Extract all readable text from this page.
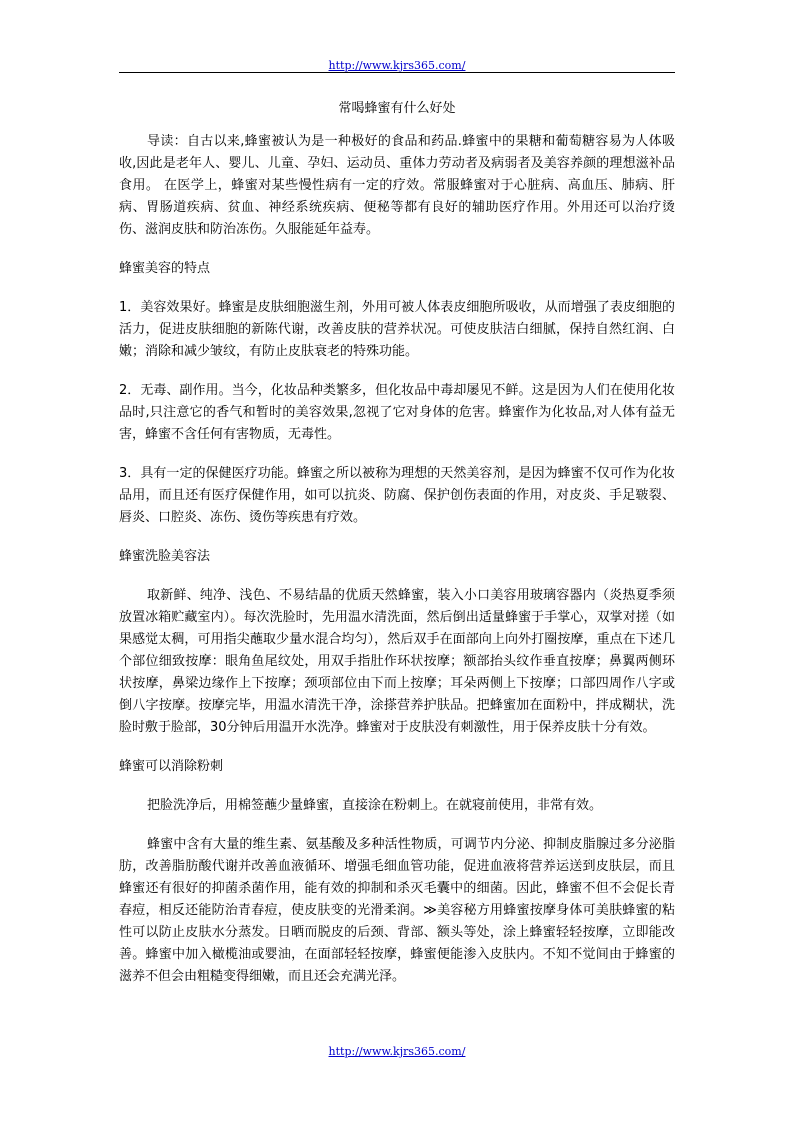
http://www.kjrs365.com/
常喝蜂蜜有什么好处

导读：自古以来,蜂蜜被认为是一种极好的食品和药品.蜂蜜中的果糖和葡萄糖容易为人体吸收,因此是老年人、婴儿、儿童、孕妇、运动员、重体力劳动者及病弱者及美容养颜的理想滋补品食用。 在医学上，蜂蜜对某些慢性病有一定的疗效。常服蜂蜜对于心脏病、高血压、肺病、肝病、胃肠道疾病、贫血、神经系统疾病、便秘等都有良好的辅助医疗作用。外用还可以治疗烫伤、滋润皮肤和防治冻伤。久服能延年益寿。

蜂蜜美容的特点

1．美容效果好。蜂蜜是皮肤细胞滋生剂，外用可被人体表皮细胞所吸收，从而增强了表皮细胞的活力，促进皮肤细胞的新陈代谢，改善皮肤的营养状况。可使皮肤洁白细腻，保持自然红润、白嫩；消除和减少皱纹，有防止皮肤衰老的特殊功能。

2．无毒、副作用。当今，化妆品种类繁多，但化妆品中毒却屡见不鲜。这是因为人们在使用化妆品时,只注意它的香气和暂时的美容效果,忽视了它对身体的危害。蜂蜜作为化妆品,对人体有益无害，蜂蜜不含任何有害物质，无毒性。

3．具有一定的保健医疗功能。蜂蜜之所以被称为理想的天然美容剂，是因为蜂蜜不仅可作为化妆品用，而且还有医疗保健作用，如可以抗炎、防腐、保护创伤表面的作用，对皮炎、手足皲裂、唇炎、口腔炎、冻伤、烫伤等疾患有疗效。

蜂蜜洗脸美容法

取新鲜、纯净、浅色、不易结晶的优质天然蜂蜜，装入小口美容用玻璃容器内（炎热夏季须放置冰箱贮藏室内）。每次洗脸时，先用温水清洗面，然后倒出适量蜂蜜于手掌心，双掌对搓（如果感觉太稠，可用指尖蘸取少量水混合均匀），然后双手在面部向上向外打圈按摩，重点在下述几个部位细致按摩：眼角鱼尾纹处，用双手指肚作环状按摩；额部抬头纹作垂直按摩；鼻翼两侧环状按摩，鼻梁边缘作上下按摩；颈项部位由下而上按摩；耳朵两侧上下按摩；口部四周作八字或倒八字按摩。按摩完毕，用温水清洗干净，涂搽营养护肤品。把蜂蜜加在面粉中，拌成糊状，洗脸时敷于脸部，30分钟后用温开水洗净。蜂蜜对于皮肤没有刺激性，用于保养皮肤十分有效。

蜂蜜可以消除粉刺

把脸洗净后，用棉签蘸少量蜂蜜，直接涂在粉刺上。在就寝前使用，非常有效。

蜂蜜中含有大量的维生素、氨基酸及多种活性物质，可调节内分泌、抑制皮脂腺过多分泌脂肪，改善脂肪酸代谢并改善血液循环、增强毛细血管功能，促进血液将营养运送到皮肤层，而且蜂蜜还有很好的抑菌杀菌作用，能有效的抑制和杀灭毛囊中的细菌。因此，蜂蜜不但不会促长青春痘，相反还能防治青春痘，使皮肤变的光滑柔润。≫美容秘方用蜂蜜按摩身体可美肤蜂蜜的粘性可以防止皮肤水分蒸发。日晒而脱皮的后颈、背部、额头等处，涂上蜂蜜轻轻按摩，立即能改善。蜂蜜中加入橄榄油或婴油，在面部轻轻按摩，蜂蜜便能渗入皮肤内。不知不觉间由于蜂蜜的滋养不但会由粗糙变得细嫩，而且还会充满光泽。

http://www.kjrs365.com/
